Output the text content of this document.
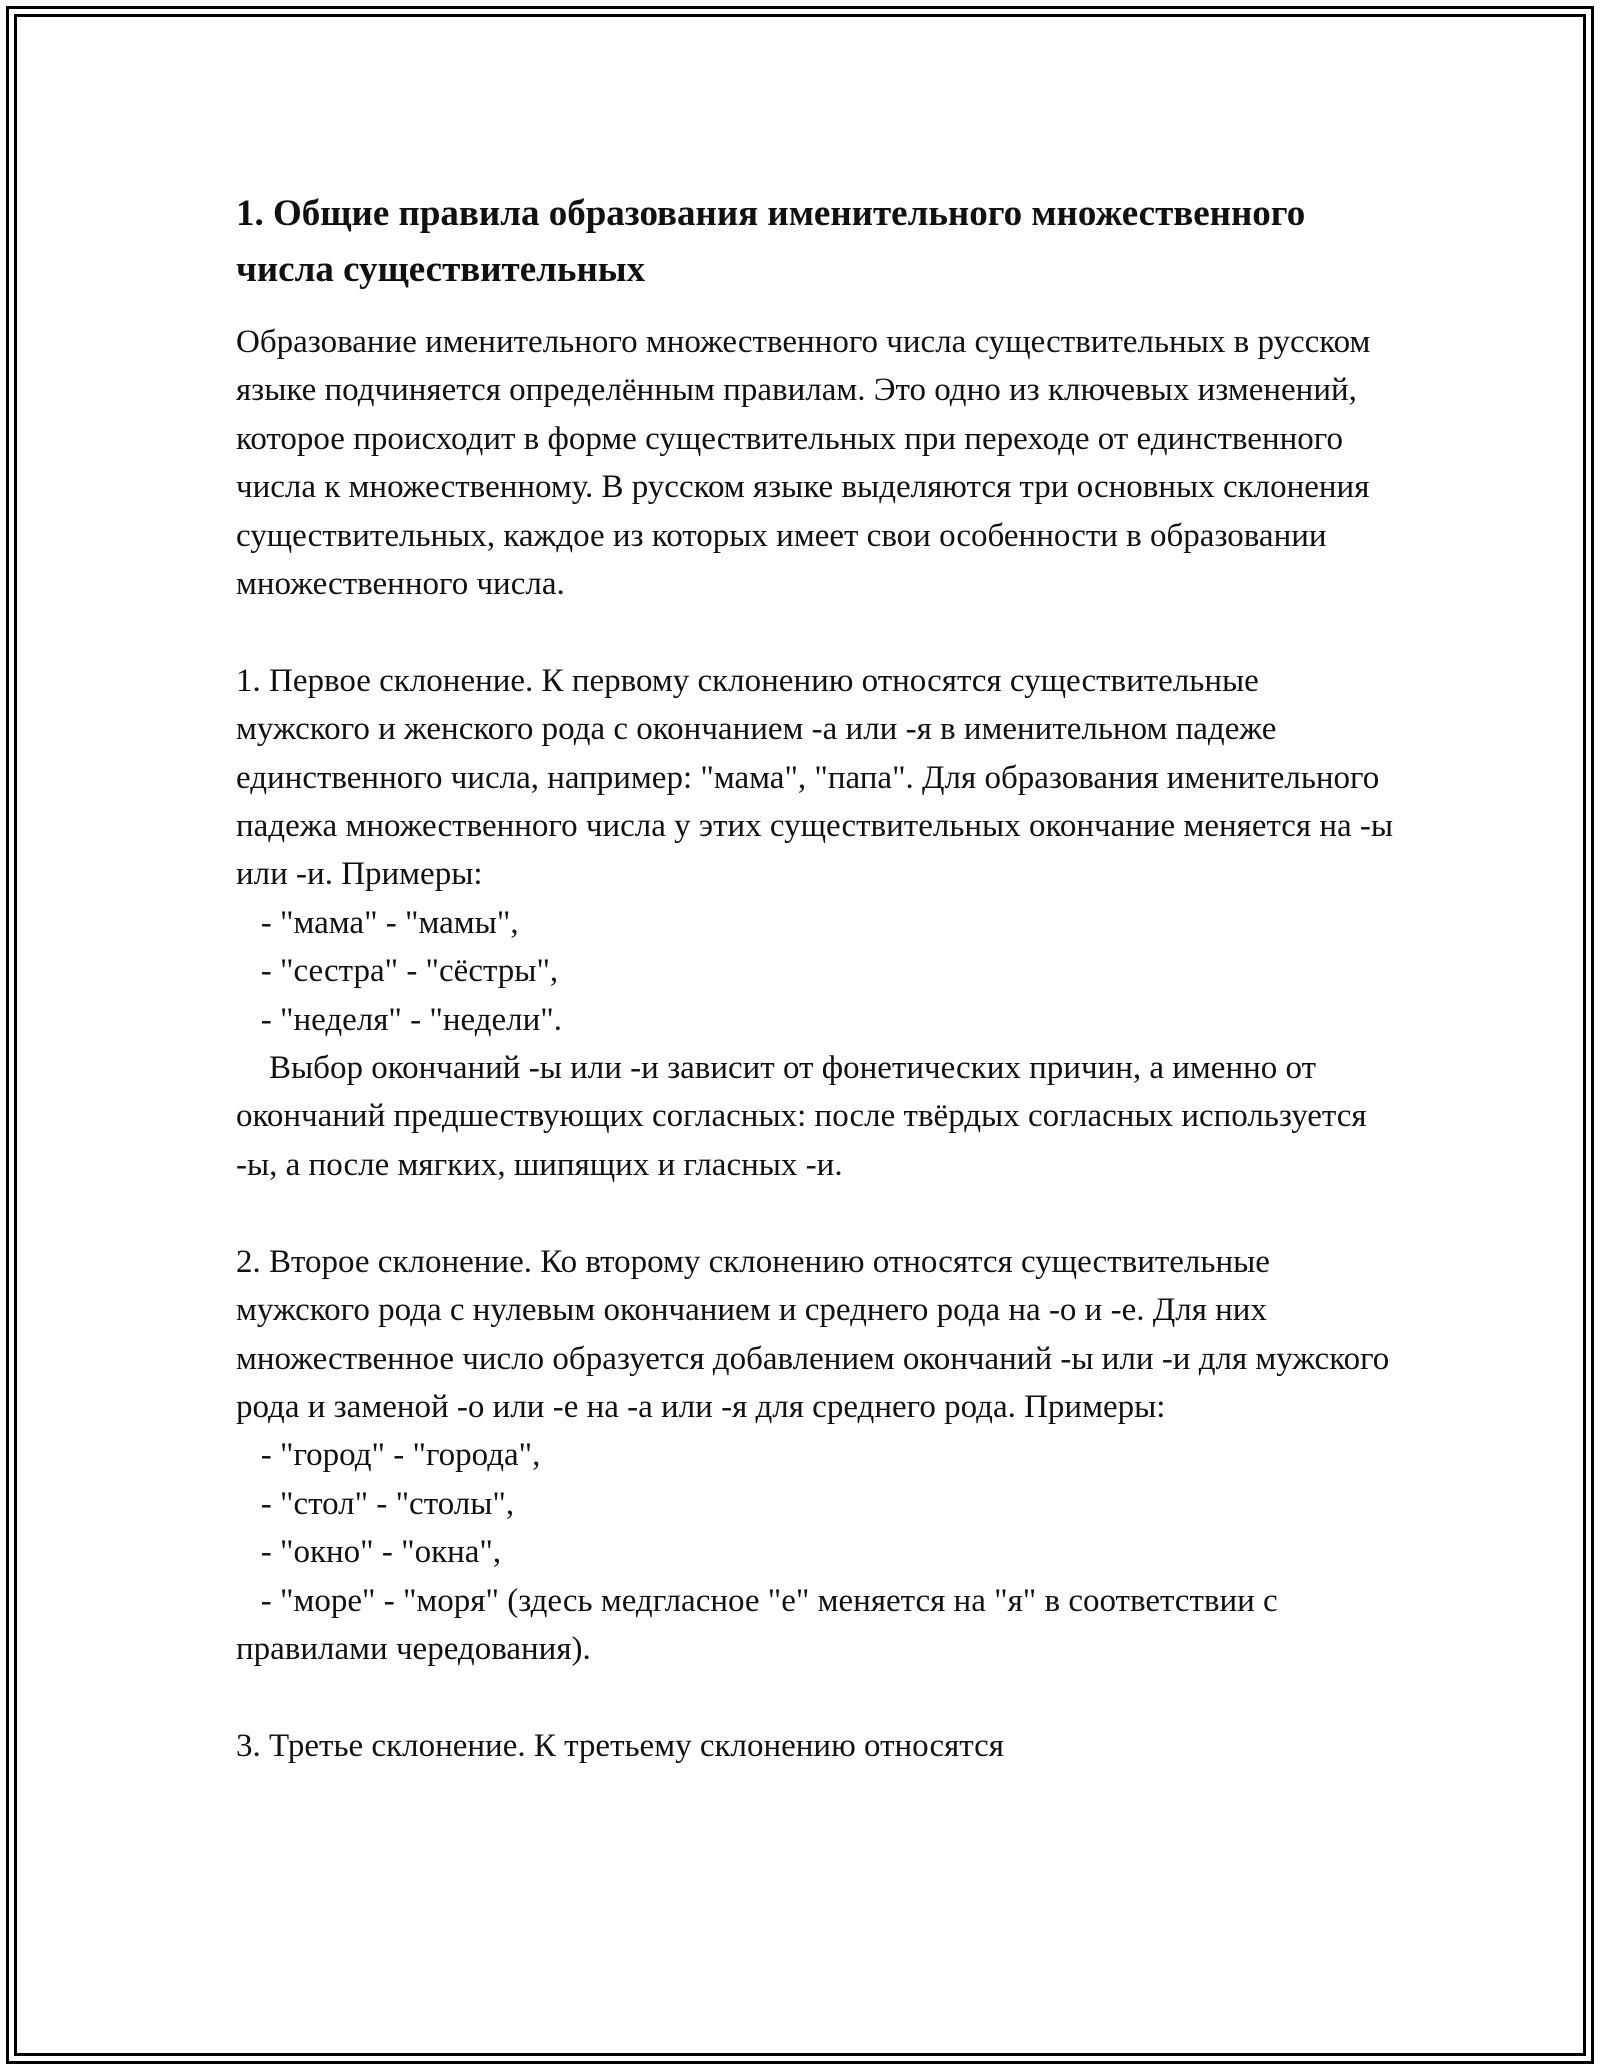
1. Общие правила образования именительного множественного числа существительных

Образование именительного множественного числа существительных в русском языке подчиняется определённым правилам. Это одно из ключевых изменений, которое происходит в форме существительных при переходе от единственного числа к множественному. В русском языке выделяются три основных склонения существительных, каждое из которых имеет свои особенности в образовании множественного числа.

1. Первое склонение. К первому склонению относятся существительные мужского и женского рода с окончанием -а или -я в именительном падеже единственного числа, например: "мама", "папа". Для образования именительного падежа множественного числа у этих существительных окончание меняется на -ы или -и. Примеры:

- "мама" - "мамы",

- "сестра" - "сёстры",

- "неделя" - "недели".

Выбор окончаний -ы или -и зависит от фонетических причин, а именно от окончаний предшествующих согласных: после твёрдых согласных используется -ы, а после мягких, шипящих и гласных -и.

2. Второе склонение. Ко второму склонению относятся существительные мужского рода с нулевым окончанием и среднего рода на -о и -е. Для них множественное число образуется добавлением окончаний -ы или -и для мужского рода и заменой -о или -е на -а или -я для среднего рода. Примеры:

- "город" - "города",

- "стол" - "столы",

- "окно" - "окна",

- "море" - "моря" (здесь медгласное "е" меняется на "я" в соответствии с правилами чередования).

3. Третье склонение. К третьему склонению относятся
